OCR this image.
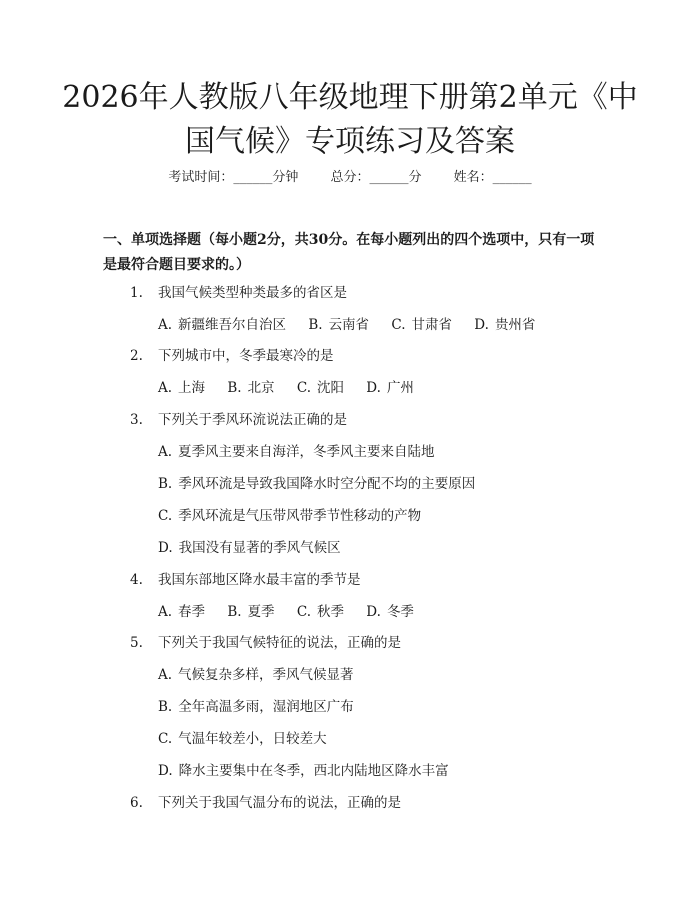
2026年人教版八年级地理下册第2单元《中国气候》专项练习及答案
考试时间：______分钟 总分：______分 姓名：______

一、单项选择题（每小题2分，共30分。在每小题列出的四个选项中，只有一项是最符合题目要求的。）

1.	我国气候类型种类最多的省区是
A. 新疆维吾尔自治区 B. 云南省 C. 甘肃省 D. 贵州省
2.	下列城市中，冬季最寒冷的是
A. 上海 B. 北京 C. 沈阳 D. 广州
3.	下列关于季风环流说法正确的是
A. 夏季风主要来自海洋，冬季风主要来自陆地
B. 季风环流是导致我国降水时空分配不均的主要原因
C. 季风环流是气压带风带季节性移动的产物
D. 我国没有显著的季风气候区
4.	我国东部地区降水最丰富的季节是
A. 春季 B. 夏季 C. 秋季 D. 冬季
5.	下列关于我国气候特征的说法，正确的是
A. 气候复杂多样，季风气候显著
B. 全年高温多雨，湿润地区广布
C. 气温年较差小，日较差大
D. 降水主要集中在冬季，西北内陆地区降水丰富
6.	下列关于我国气温分布的说法，正确的是
